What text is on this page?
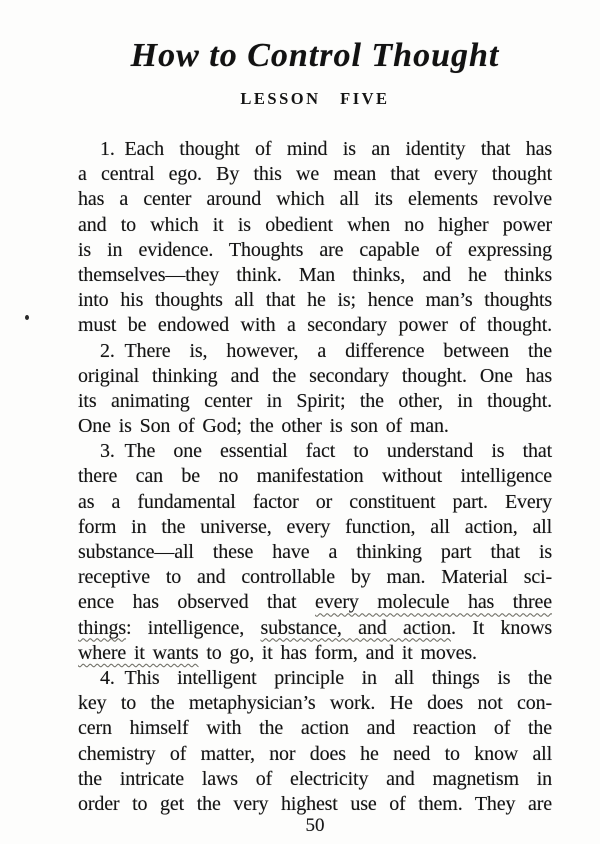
How to Control Thought
LESSON FIVE
1. Each thought of mind is an identity that has
a central ego. By this we mean that every thought
has a center around which all its elements revolve
and to which it is obedient when no higher power
is in evidence. Thoughts are capable of expressing
themselves—they think. Man thinks, and he thinks
into his thoughts all that he is; hence man’s thoughts
must be endowed with a secondary power of thought.
2. There is, however, a difference between the
original thinking and the secondary thought. One has
its animating center in Spirit; the other, in thought.
One is Son of God; the other is son of man.
3. The one essential fact to understand is that
there can be no manifestation without intelligence
as a fundamental factor or constituent part. Every
form in the universe, every function, all action, all
substance—all these have a thinking part that is
receptive to and controllable by man. Material sci-
ence has observed that every molecule has three
things: intelligence, substance, and action. It knows
where it wants to go, it has form, and it moves.
4. This intelligent principle in all things is the
key to the metaphysician’s work. He does not con-
cern himself with the action and reaction of the
chemistry of matter, nor does he need to know all
the intricate laws of electricity and magnetism in
order to get the very highest use of them. They are
50
